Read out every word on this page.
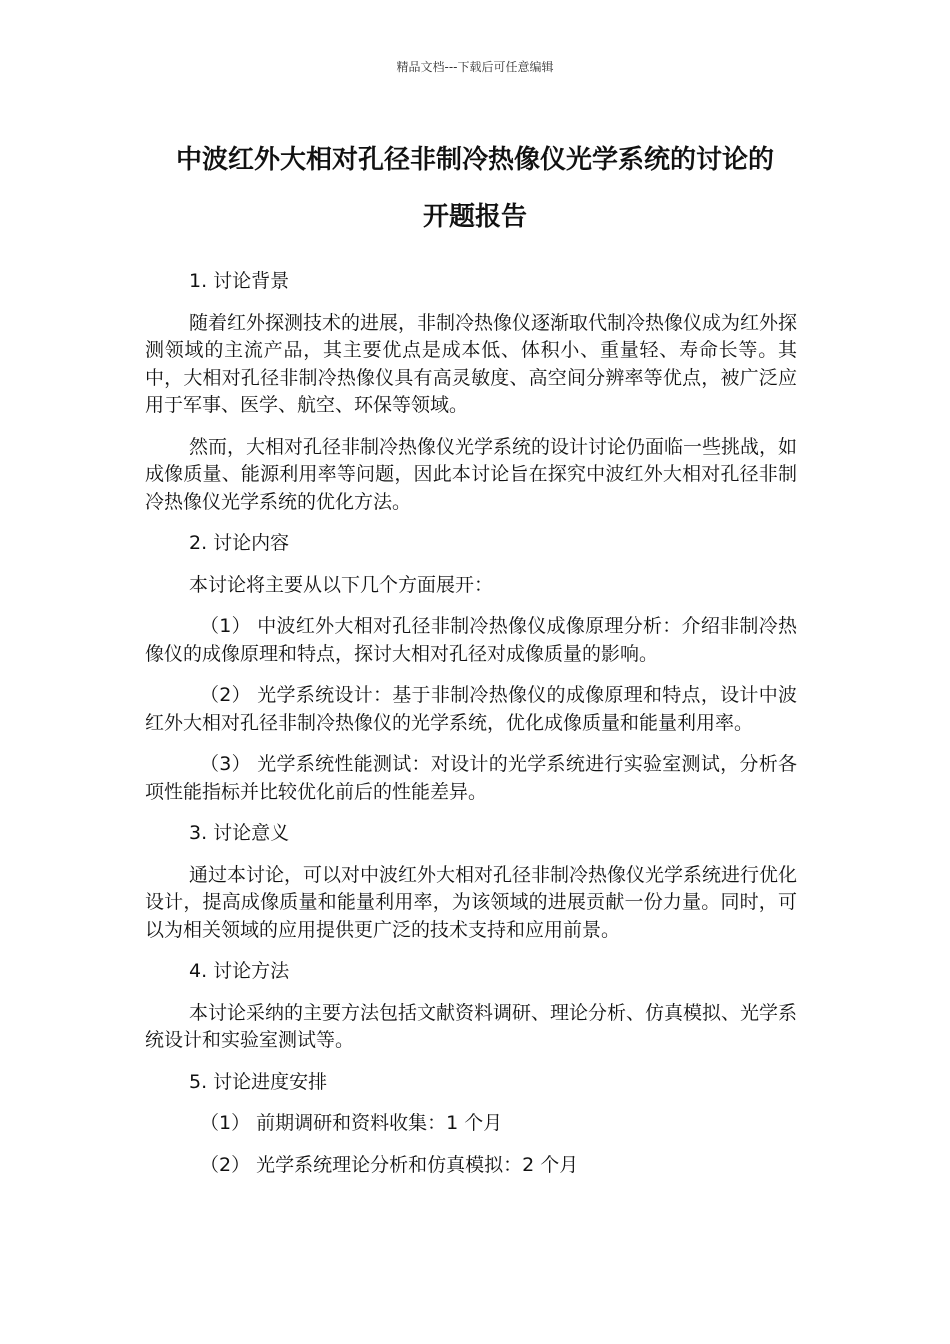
精品文档---下载后可任意编辑
中波红外大相对孔径非制冷热像仪光学系统的讨论的
开题报告

1. 讨论背景

随着红外探测技术的进展，非制冷热像仪逐渐取代制冷热像仪成为红外探测领域的主流产品，其主要优点是成本低、体积小、重量轻、寿命长等。其中，大相对孔径非制冷热像仪具有高灵敏度、高空间分辨率等优点，被广泛应用于军事、医学、航空、环保等领域。

然而，大相对孔径非制冷热像仪光学系统的设计讨论仍面临一些挑战，如成像质量、能源利用率等问题，因此本讨论旨在探究中波红外大相对孔径非制冷热像仪光学系统的优化方法。

2. 讨论内容

本讨论将主要从以下几个方面展开：

（1） 中波红外大相对孔径非制冷热像仪成像原理分析：介绍非制冷热像仪的成像原理和特点，探讨大相对孔径对成像质量的影响。

（2） 光学系统设计：基于非制冷热像仪的成像原理和特点，设计中波红外大相对孔径非制冷热像仪的光学系统，优化成像质量和能量利用率。

（3） 光学系统性能测试：对设计的光学系统进行实验室测试，分析各项性能指标并比较优化前后的性能差异。

3. 讨论意义

通过本讨论，可以对中波红外大相对孔径非制冷热像仪光学系统进行优化设计，提高成像质量和能量利用率，为该领域的进展贡献一份力量。同时，可以为相关领域的应用提供更广泛的技术支持和应用前景。

4. 讨论方法

本讨论采纳的主要方法包括文献资料调研、理论分析、仿真模拟、光学系统设计和实验室测试等。

5. 讨论进度安排

（1） 前期调研和资料收集：1 个月

（2） 光学系统理论分析和仿真模拟：2 个月
